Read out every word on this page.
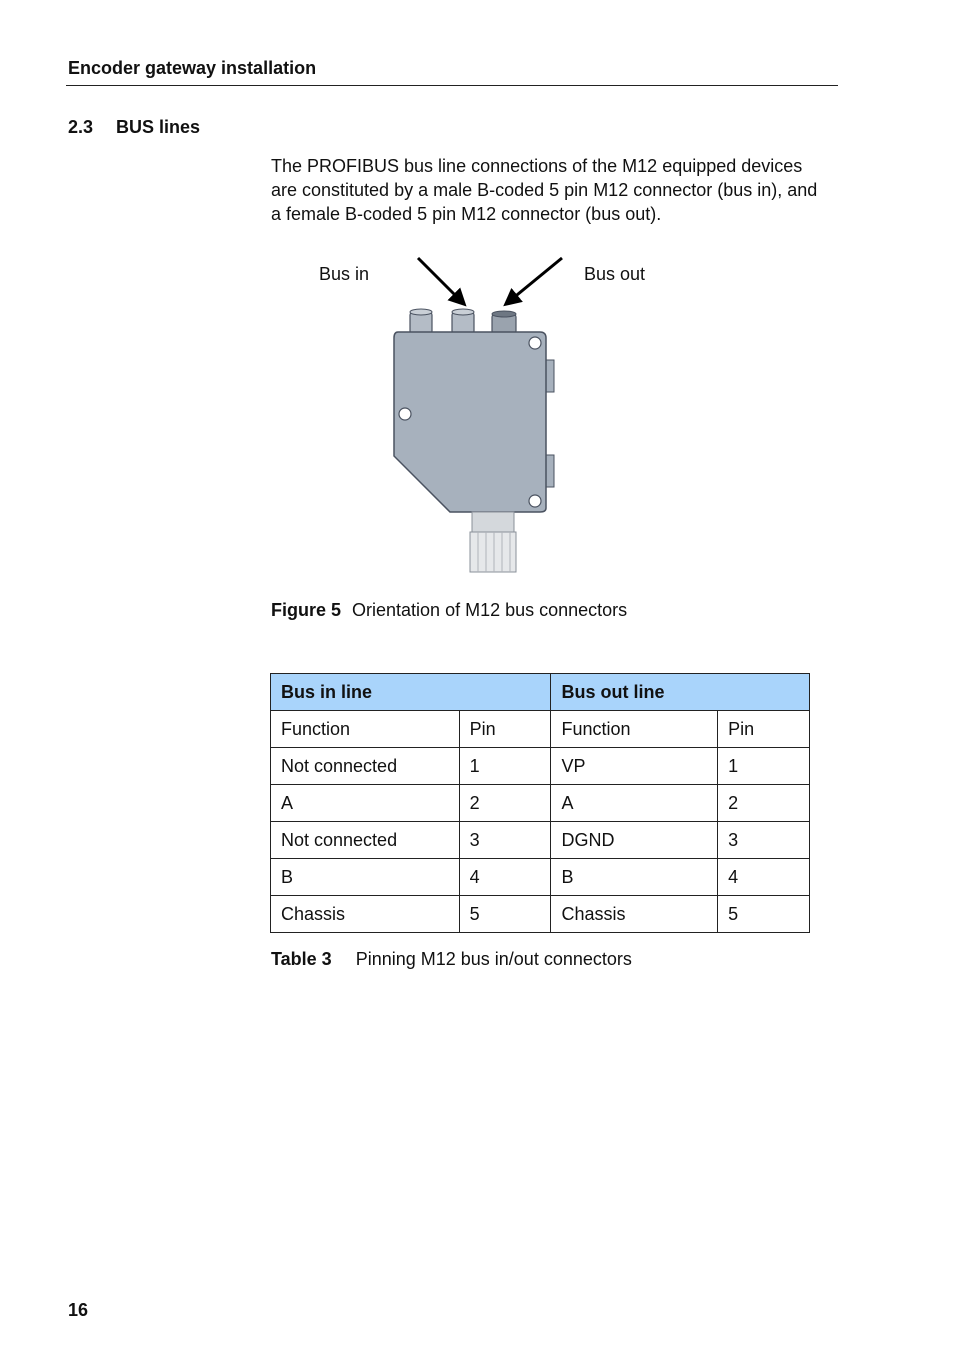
Encoder gateway installation
2.3 BUS lines
The PROFIBUS bus line connections of the M12 equipped devices are constituted by a male B-coded 5 pin M12 connector (bus in), and a female B-coded 5 pin M12 connector (bus out).
Bus in	Bus out
Figure 5 Orientation of M12 bus connectors
Bus in line		Bus out line	
Function	Pin	Function	Pin
Not connected	1	VP	1
A	2	A	2
Not connected	3	DGND	3
B	4	B	4
Chassis	5	Chassis	5
Table 3 Pinning M12 bus in/out connectors
16
